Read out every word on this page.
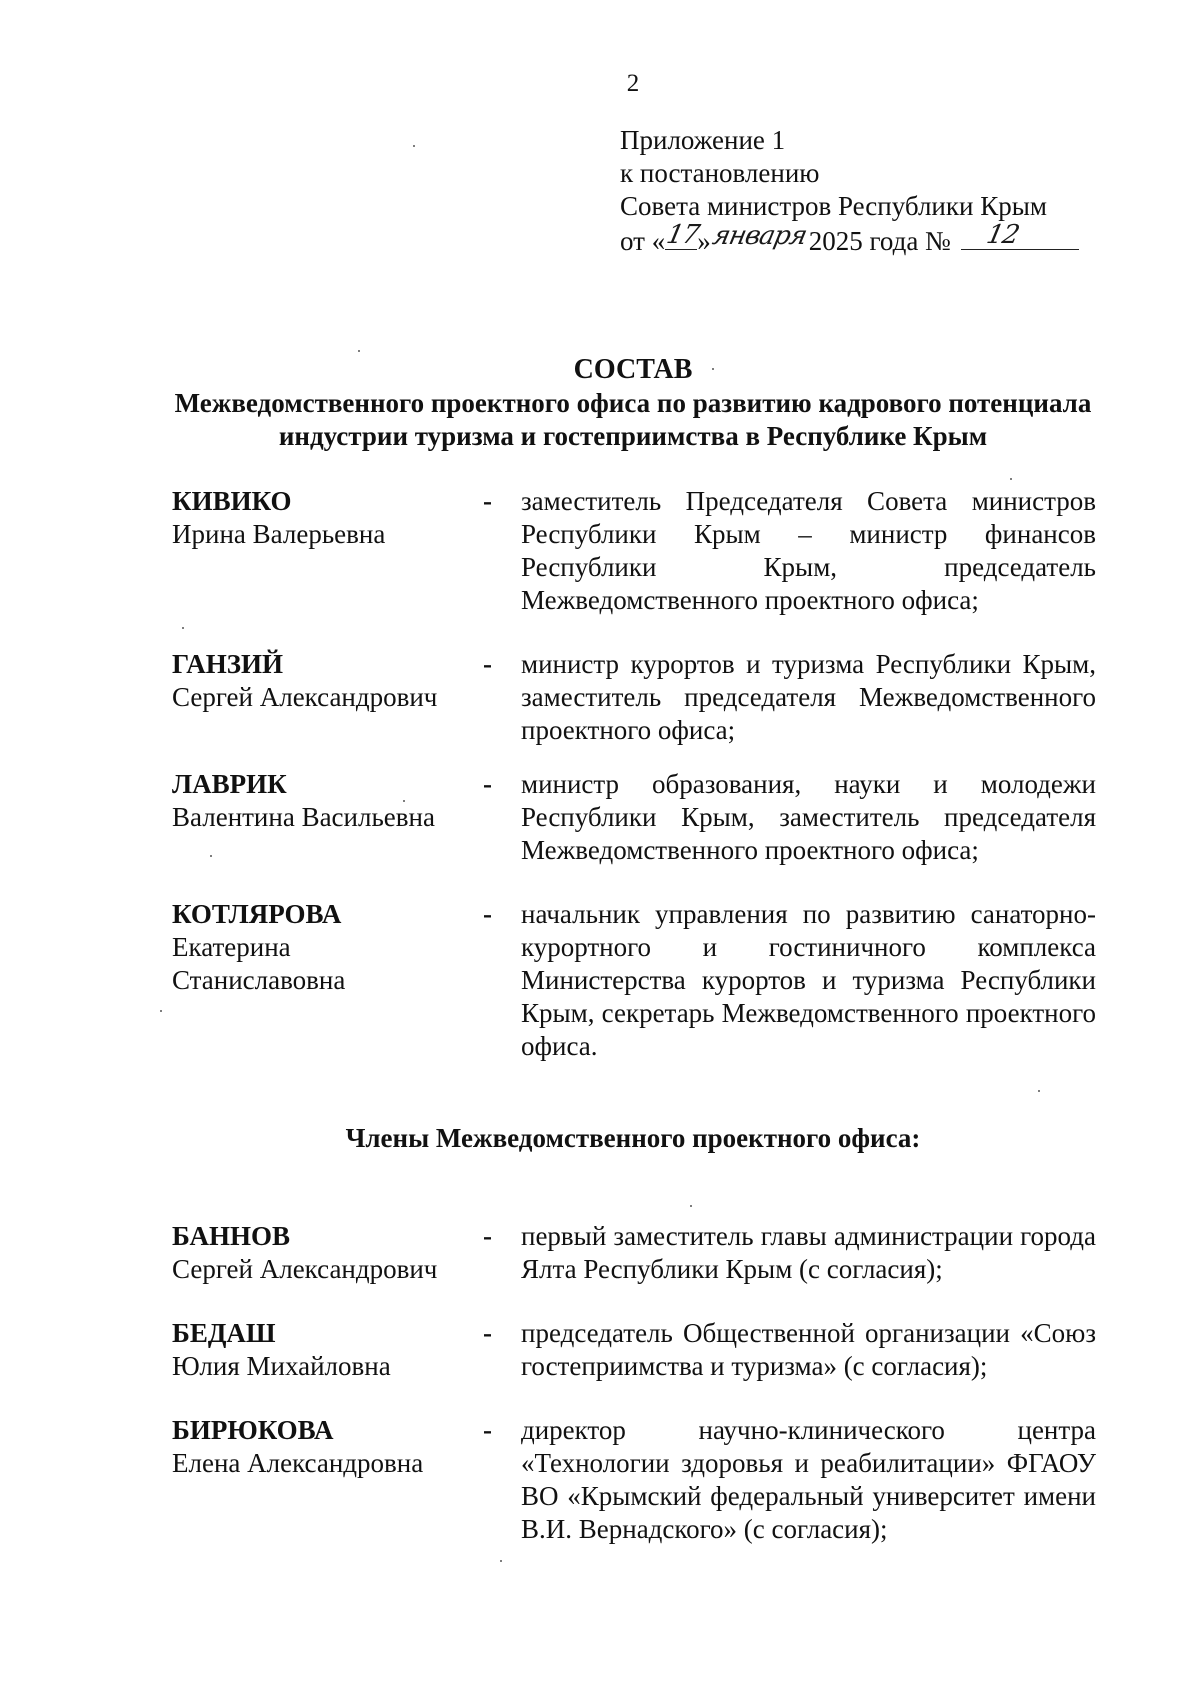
2
Приложение 1
к постановлению
Совета министров Республики Крым
от «
17
»
января 2025 года № 12
СОСТАВ
Межведомственного проектного офиса по развитию кадрового потенциала
индустрии туризма и гостеприимства в Республике Крым
КИВИКО
Ирина Валерьевна
- заместитель Председателя Совета министров Республики Крым – министр финансов Республики Крым, председатель Межведомственного проектного офиса;
ГАНЗИЙ
Сергей Александрович
- министр курортов и туризма Республики Крым, заместитель председателя Межведомственного проектного офиса;
ЛАВРИК
Валентина Васильевна
- министр образования, науки и молодежи Республики Крым, заместитель председателя Межведомственного проектного офиса;
КОТЛЯРОВА
Екатерина Станиславовна
- начальник управления по развитию санаторно-курортного и гостиничного комплекса Министерства курортов и туризма Республики Крым, секретарь Межведомственного проектного офиса.
Члены Межведомственного проектного офиса:
БАННОВ
Сергей Александрович
- первый заместитель главы администрации города Ялта Республики Крым (с согласия);
БЕДАШ
Юлия Михайловна
- председатель Общественной организации «Союз гостеприимства и туризма» (с согласия);
БИРЮКОВА
Елена Александровна
- директор научно-клинического центра «Технологии здоровья и реабилитации» ФГАОУ ВО «Крымский федеральный университет имени В.И. Вернадского» (с согласия);
